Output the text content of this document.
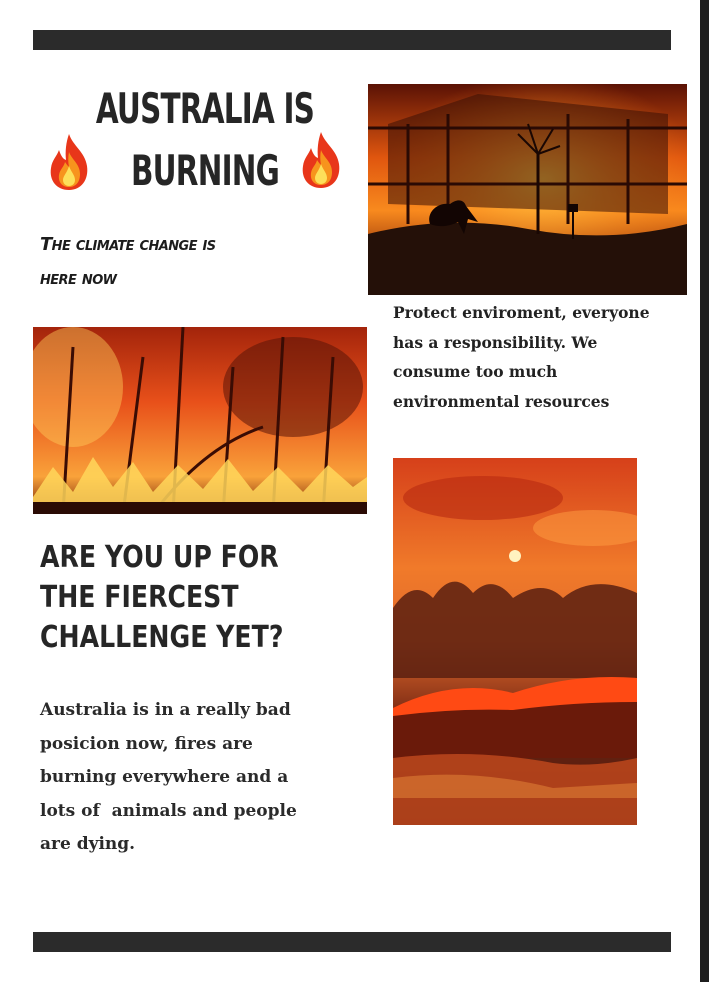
AUSTRALIA IS
BURNING
The climate change is
here now
Protect enviroment, everyone
has a responsibility. We
consume too much
environmental resources
ARE YOU UP FOR
THE FIERCEST
CHALLENGE YET?
Australia is in a really bad
posicion now, fires are
burning everywhere and a
lots of  animals and people
are dying.
